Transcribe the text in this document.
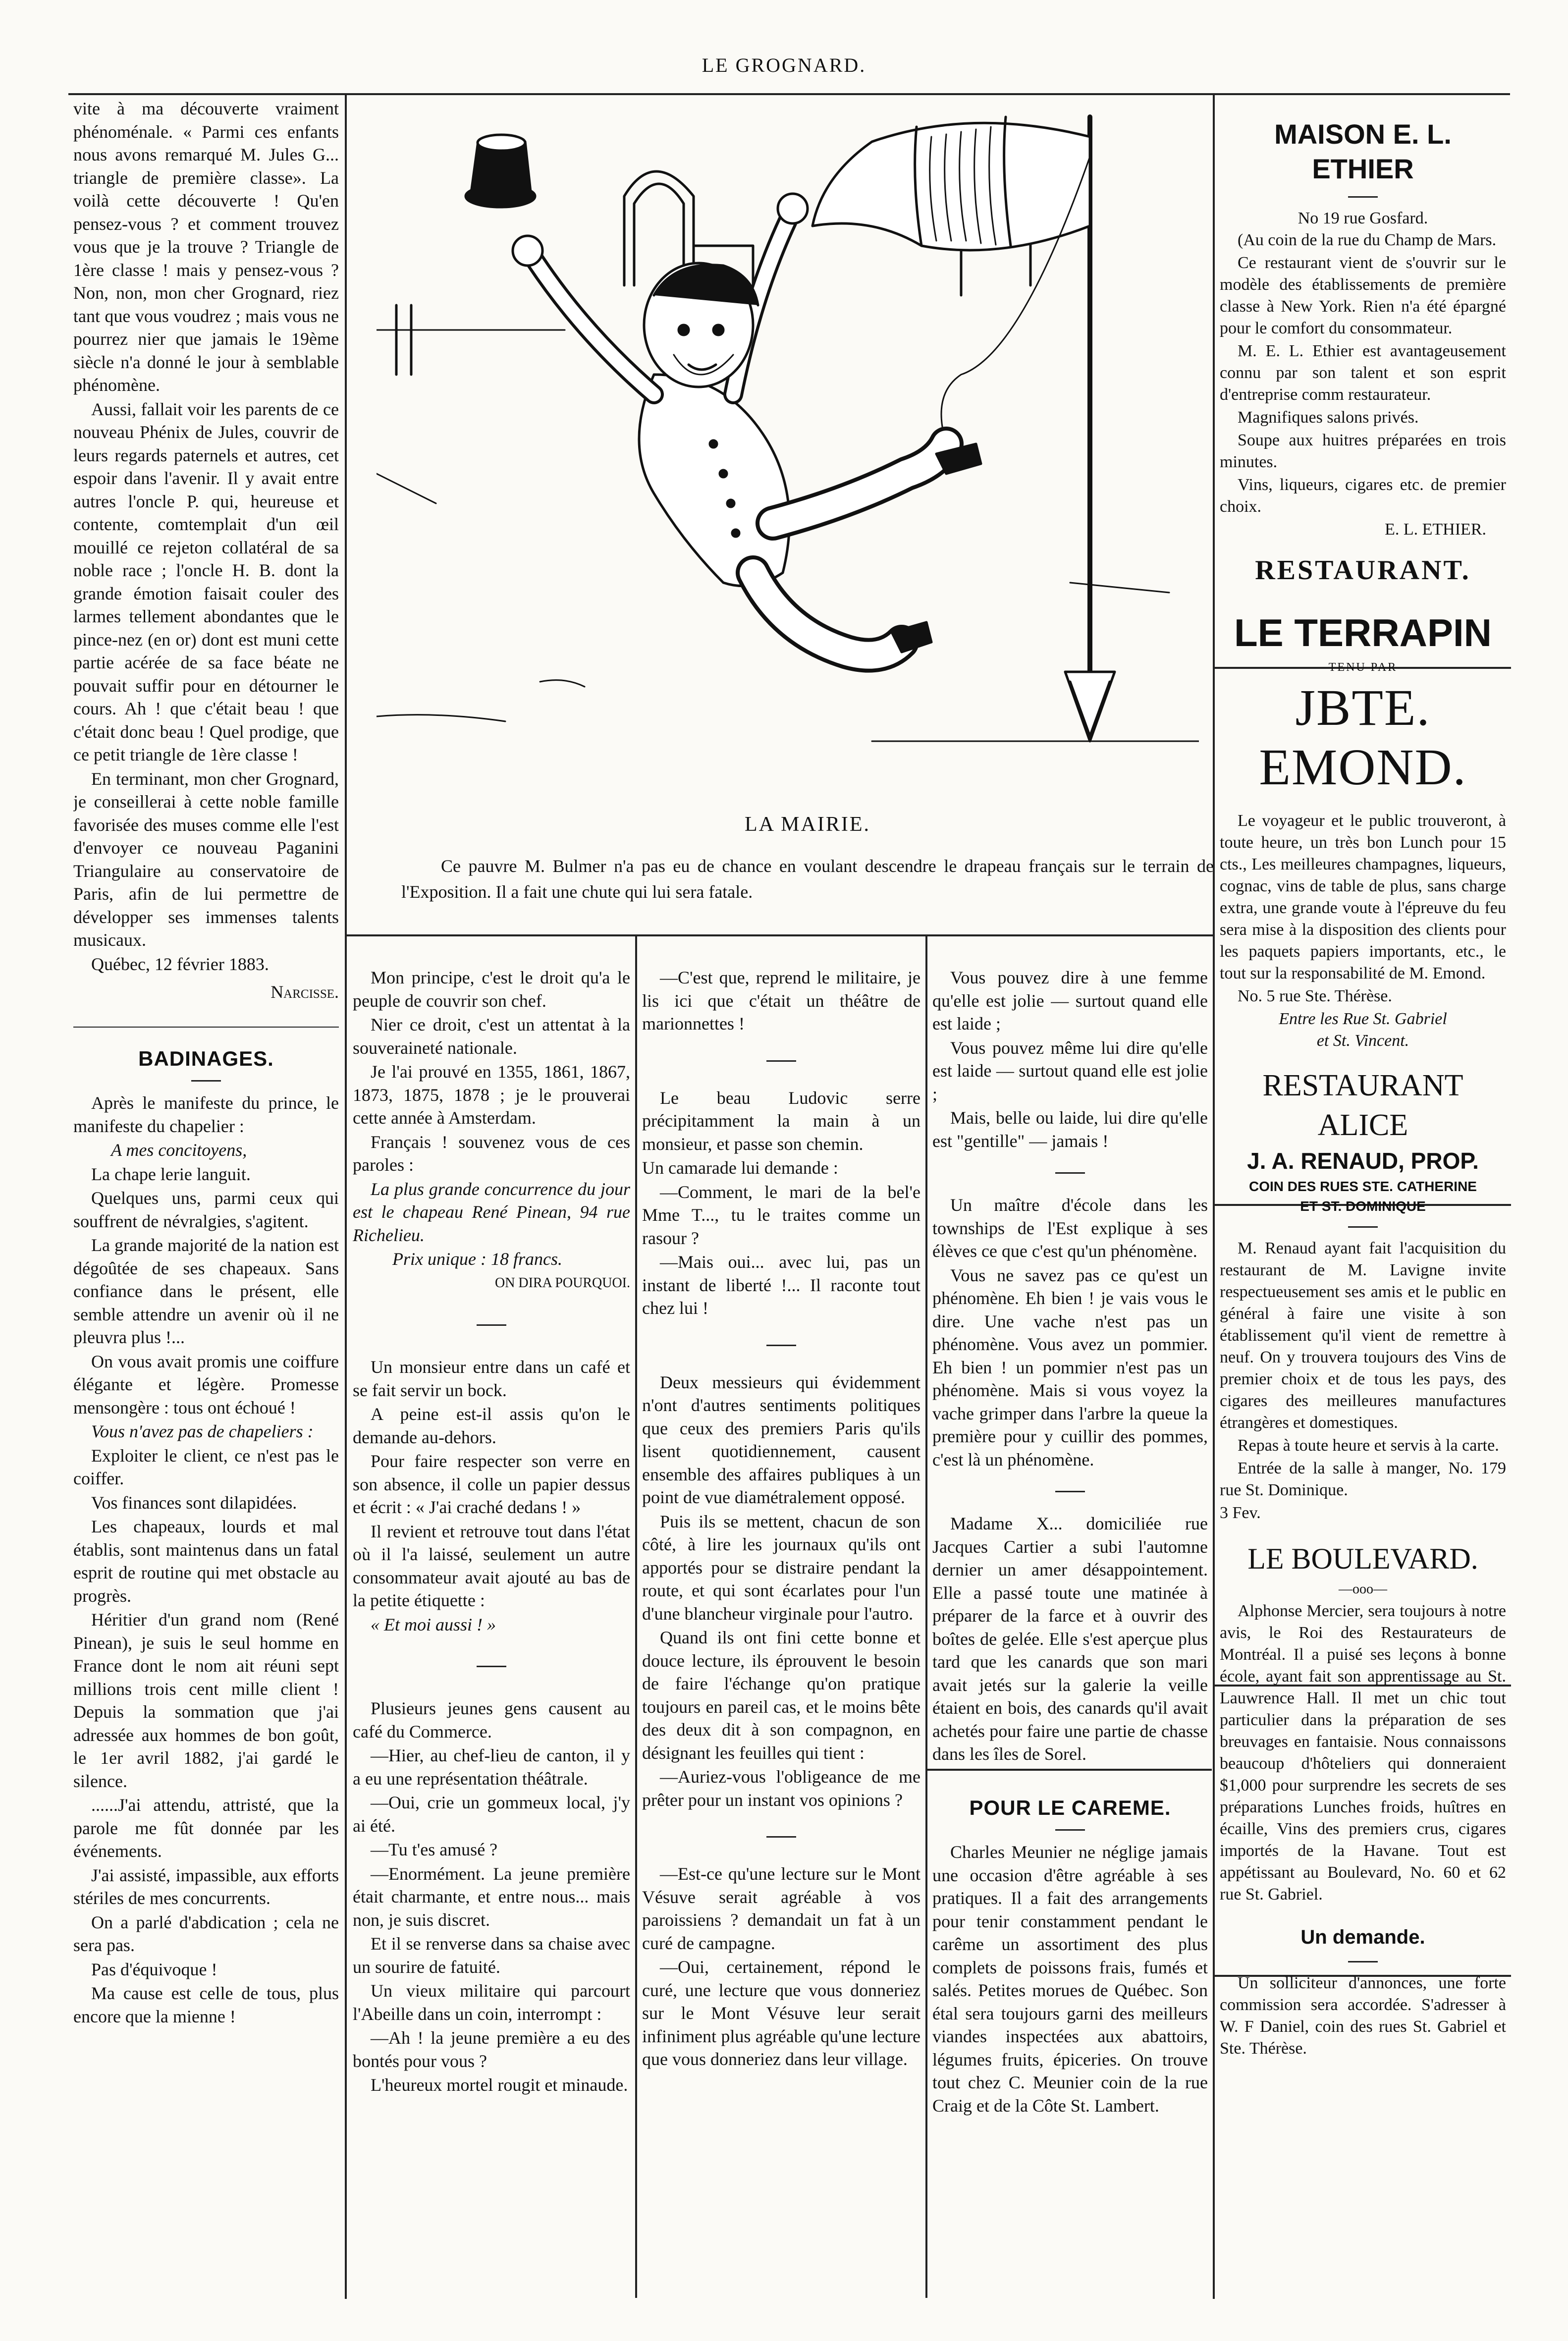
LE GROGNARD.

vite à ma découverte vraiment phénoménale. « Parmi ces enfants nous avons remarqué M. Jules G... triangle de première classe». La voilà cette découverte ! Qu'en pensez-vous ? et comment trouvez vous que je la trouve ? Triangle de 1ère classe ! mais y pensez-vous ? Non, non, mon cher Grognard, riez tant que vous voudrez ; mais vous ne pourrez nier que jamais le 19ème siècle n'a donné le jour à semblable phénomène.

Aussi, fallait voir les parents de ce nouveau Phénix de Jules, couvrir de leurs regards paternels et autres, cet espoir dans l'avenir. Il y avait entre autres l'oncle P. qui, heureuse et contente, comtemplait d'un œil mouillé ce rejeton collatéral de sa noble race ; l'oncle H. B. dont la grande émotion faisait couler des larmes tellement abondantes que le pince-nez (en or) dont est muni cette partie acérée de sa face béate ne pouvait suffir pour en détourner le cours. Ah ! que c'était beau ! que c'était donc beau ! Quel prodige, que ce petit triangle de 1ère classe !

En terminant, mon cher Grognard, je conseillerai à cette noble famille favorisée des muses comme elle l'est d'envoyer ce nouveau Paganini Triangulaire au conservatoire de Paris, afin de lui permettre de développer ses immenses talents musicaux.

Québec, 12 février 1883.

Narcisse.
BADINAGES.

Après le manifeste du prince, le manifeste du chapelier :

A mes concitoyens,

La chape lerie languit.

Quelques uns, parmi ceux qui souffrent de névralgies, s'agitent.

La grande majorité de la nation est dégoûtée de ses chapeaux. Sans confiance dans le présent, elle semble attendre un avenir où il ne pleuvra plus !...

On vous avait promis une coiffure élégante et légère. Promesse mensongère : tous ont échoué !

Vous n'avez pas de chapeliers :

Exploiter le client, ce n'est pas le coiffer.

Vos finances sont dilapidées.

Les chapeaux, lourds et mal établis, sont maintenus dans un fatal esprit de routine qui met obstacle au progrès.

Héritier d'un grand nom (René Pinean), je suis le seul homme en France dont le nom ait réuni sept millions trois cent mille client ! Depuis la sommation que j'ai adressée aux hommes de bon goût, le 1er avril 1882, j'ai gardé le silence.

......J'ai attendu, attristé, que la parole me fût donnée par les événements.

J'ai assisté, impassible, aux efforts stériles de mes concurrents.

On a parlé d'abdication ; cela ne sera pas.

Pas d'équivoque !

Ma cause est celle de tous, plus encore que la mienne !

LA MAIRIE.
Ce pauvre M. Bulmer n'a pas eu de chance en voulant descendre le drapeau français sur le terrain de l'Exposition. Il a fait une chute qui lui sera fatale.

Mon principe, c'est le droit qu'a le peuple de couvrir son chef.

Nier ce droit, c'est un attentat à la souveraineté nationale.

Je l'ai prouvé en 1355, 1861, 1867, 1873, 1875, 1878 ; je le prouverai cette année à Amsterdam.

Français ! souvenez vous de ces paroles :

La plus grande concurrence du jour est le chapeau René Pinean, 94 rue Richelieu.

Prix unique : 18 francs.

ON DIRA POURQUOI.

Un monsieur entre dans un café et se fait servir un bock.

A peine est-il assis qu'on le demande au-dehors.

Pour faire respecter son verre en son absence, il colle un papier dessus et écrit : « J'ai craché dedans ! »

Il revient et retrouve tout dans l'état où il l'a laissé, seulement un autre consommateur avait ajouté au bas de la petite étiquette :

« Et moi aussi ! »

Plusieurs jeunes gens causent au café du Commerce.

—Hier, au chef-lieu de canton, il y a eu une représentation théâtrale.

—Oui, crie un gommeux local, j'y ai été.

—Tu t'es amusé ?

—Enormément. La jeune première était charmante, et entre nous... mais non, je suis discret.

Et il se renverse dans sa chaise avec un sourire de fatuité.

Un vieux militaire qui parcourt l'Abeille dans un coin, interrompt :

—Ah ! la jeune première a eu des bontés pour vous ?

L'heureux mortel rougit et minaude.

—C'est que, reprend le militaire, je lis ici que c'était un théâtre de marionnettes !

Le beau Ludovic serre précipitamment la main à un monsieur, et passe son chemin.

Un camarade lui demande :

—Comment, le mari de la bel'e Mme T..., tu le traites comme un rasour ?

—Mais oui... avec lui, pas un instant de liberté !... Il raconte tout chez lui !

Deux messieurs qui évidemment n'ont d'autres sentiments politiques que ceux des premiers Paris qu'ils lisent quotidiennement, causent ensemble des affaires publiques à un point de vue diamétralement opposé.

Puis ils se mettent, chacun de son côté, à lire les journaux qu'ils ont apportés pour se distraire pendant la route, et qui sont écarlates pour l'un d'une blancheur virginale pour l'autro.

Quand ils ont fini cette bonne et douce lecture, ils éprouvent le besoin de faire l'échange qu'on pratique toujours en pareil cas, et le moins bête des deux dit à son compagnon, en désignant les feuilles qui tient :

—Auriez-vous l'obligeance de me prêter pour un instant vos opinions ?

—Est-ce qu'une lecture sur le Mont Vésuve serait agréable à vos paroissiens ? demandait un fat à un curé de campagne.

—Oui, certainement, répond le curé, une lecture que vous donneriez sur le Mont Vésuve leur serait infiniment plus agréable qu'une lecture que vous donneriez dans leur village.

Vous pouvez dire à une femme qu'elle est jolie — surtout quand elle est laide ;

Vous pouvez même lui dire qu'elle est laide — surtout quand elle est jolie ;

Mais, belle ou laide, lui dire qu'elle est "gentille" — jamais !

Un maître d'école dans les townships de l'Est explique à ses élèves ce que c'est qu'un phénomène.

Vous ne savez pas ce qu'est un phénomène. Eh bien ! je vais vous le dire. Une vache n'est pas un phénomène. Vous avez un pommier. Eh bien ! un pommier n'est pas un phénomène. Mais si vous voyez la vache grimper dans l'arbre la queue la première pour y cuillir des pommes, c'est là un phénomène.

Madame X... domiciliée rue Jacques Cartier a subi l'automne dernier un amer désappointement. Elle a passé toute une matinée à préparer de la farce et à ouvrir des boîtes de gelée. Elle s'est aperçue plus tard que les canards que son mari avait jetés sur la galerie la veille étaient en bois, des canards qu'il avait achetés pour faire une partie de chasse dans les îles de Sorel.

POUR LE CAREME.

Charles Meunier ne néglige jamais une occasion d'être agréable à ses pratiques. Il a fait des arrangements pour tenir constamment pendant le carême un assortiment des plus complets de poissons frais, fumés et salés. Petites morues de Québec. Son étal sera toujours garni des meilleurs viandes inspectées aux abattoirs, légumes fruits, épiceries. On trouve tout chez C. Meunier coin de la rue Craig et de la Côte St. Lambert.

MAISON E. L. ETHIER
No 19 rue Gosfard.

(Au coin de la rue du Champ de Mars.

Ce restaurant vient de s'ouvrir sur le modèle des établissements de première classe à New York. Rien n'a été épargné pour le comfort du consommateur.

M. E. L. Ethier est avantageusement connu par son talent et son esprit d'entreprise comm restaurateur.

Magnifiques salons privés.

Soupe aux huitres préparées en trois minutes.

Vins, liqueurs, cigares etc. de premier choix.

E. L. ETHIER.
RESTAURANT.
LE TERRAPIN
TENU PAR
JBTE. EMOND.

Le voyageur et le public trouveront, à toute heure, un très bon Lunch pour 15 cts., Les meilleures champagnes, liqueurs, cognac, vins de table de plus, sans charge extra, une grande voute à l'épreuve du feu sera mise à la disposition des clients pour les paquets papiers importants, etc., le tout sur la responsabilité de M. Emond.

No. 5 rue Ste. Thérèse.

Entre les Rue St. Gabriel
et St. Vincent.
RESTAURANT ALICE
J. A. RENAUD, PROP.
COIN DES RUES STE. CATHERINE
ET ST. DOMINIQUE

M. Renaud ayant fait l'acquisition du restaurant de M. Lavigne invite respectueusement ses amis et le public en général à faire une visite à son établissement qu'il vient de remettre à neuf. On y trouvera toujours des Vins de premier choix et de tous les pays, des cigares des meilleures manufactures étrangères et domestiques.

Repas à toute heure et servis à la carte.

Entrée de la salle à manger, No. 179 rue St. Dominique.

3 Fev.

LE BOULEVARD.
—ooo—

Alphonse Mercier, sera toujours à notre avis, le Roi des Restaurateurs de Montréal. Il a puisé ses leçons à bonne école, ayant fait son apprentissage au St. Lauwrence Hall. Il met un chic tout particulier dans la préparation de ses breuvages en fantaisie. Nous connaissons beaucoup d'hôteliers qui donneraient $1,000 pour surprendre les secrets de ses préparations Lunches froids, huîtres en écaille, Vins des premiers crus, cigares importés de la Havane. Tout est appétissant au Boulevard, No. 60 et 62 rue St. Gabriel.

Un demande.

Un solliciteur d'annonces, une forte commission sera accordée. S'adresser à W. F Daniel, coin des rues St. Gabriel et Ste. Thérèse.
